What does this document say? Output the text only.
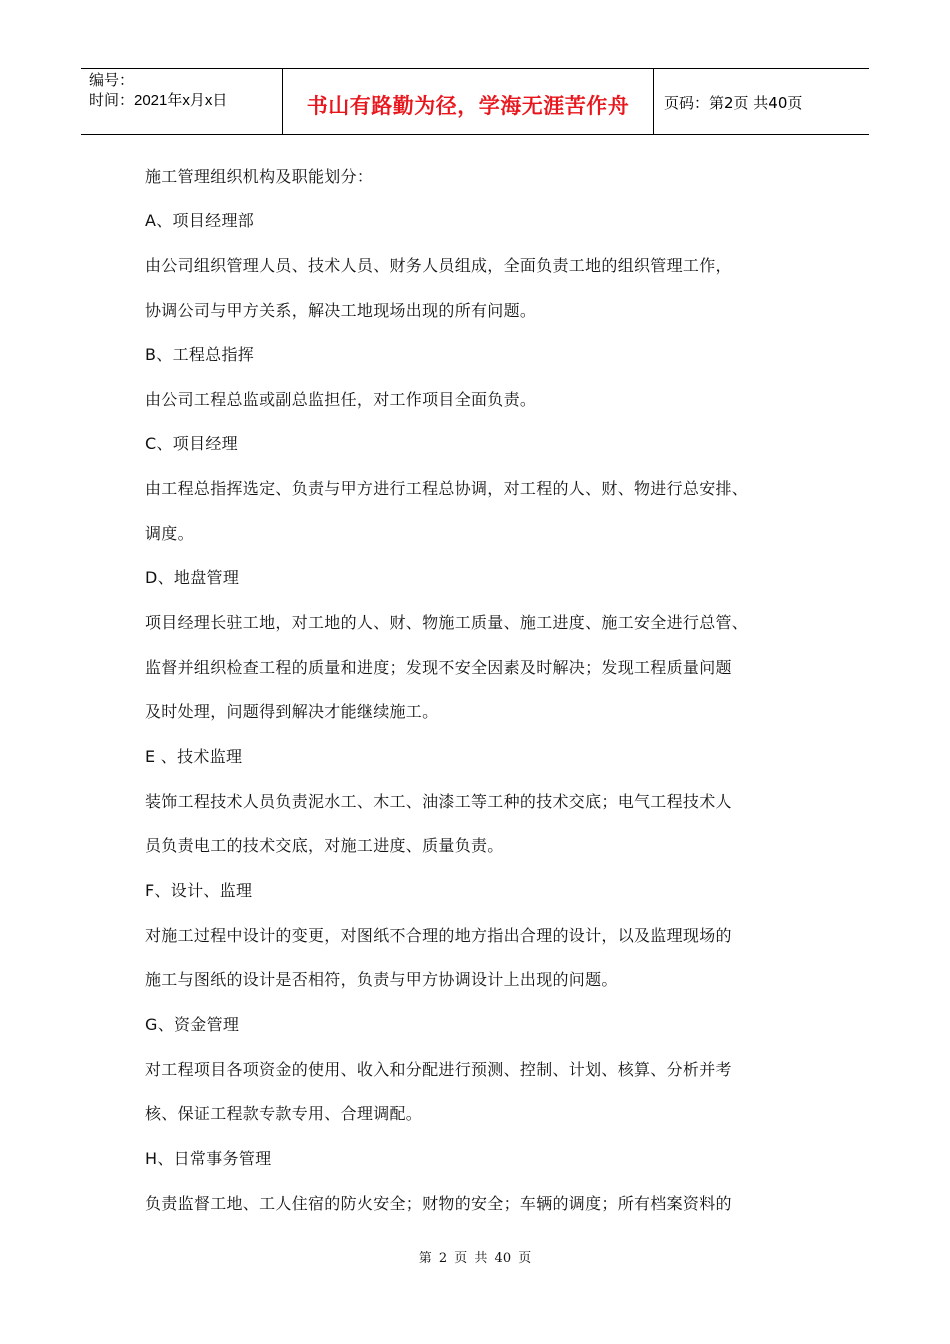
编号：
时间：2021年x月x日	书山有路勤为径，学海无涯苦作舟 页码：第2页 共40页
施工管理组织机构及职能划分：
A、项目经理部
由公司组织管理人员、技术人员、财务人员组成，全面负责工地的组织管理工作，
协调公司与甲方关系，解决工地现场出现的所有问题。
B、工程总指挥
由公司工程总监或副总监担任，对工作项目全面负责。
C、项目经理
由工程总指挥选定、负责与甲方进行工程总协调，对工程的人、财、物进行总安排、
调度。
D、地盘管理
项目经理长驻工地，对工地的人、财、物施工质量、施工进度、施工安全进行总管、
监督并组织检查工程的质量和进度；发现不安全因素及时解决；发现工程质量问题
及时处理，问题得到解决才能继续施工。
E 、技术监理
装饰工程技术人员负责泥水工、木工、油漆工等工种的技术交底；电气工程技术人
员负责电工的技术交底，对施工进度、质量负责。
F、设计、监理
对施工过程中设计的变更，对图纸不合理的地方指出合理的设计，以及监理现场的
施工与图纸的设计是否相符，负责与甲方协调设计上出现的问题。
G、资金管理
对工程项目各项资金的使用、收入和分配进行预测、控制、计划、核算、分析并考
核、保证工程款专款专用、合理调配。
H、日常事务管理
负责监督工地、工人住宿的防火安全；财物的安全；车辆的调度；所有档案资料的
第 2 页 共 40 页
